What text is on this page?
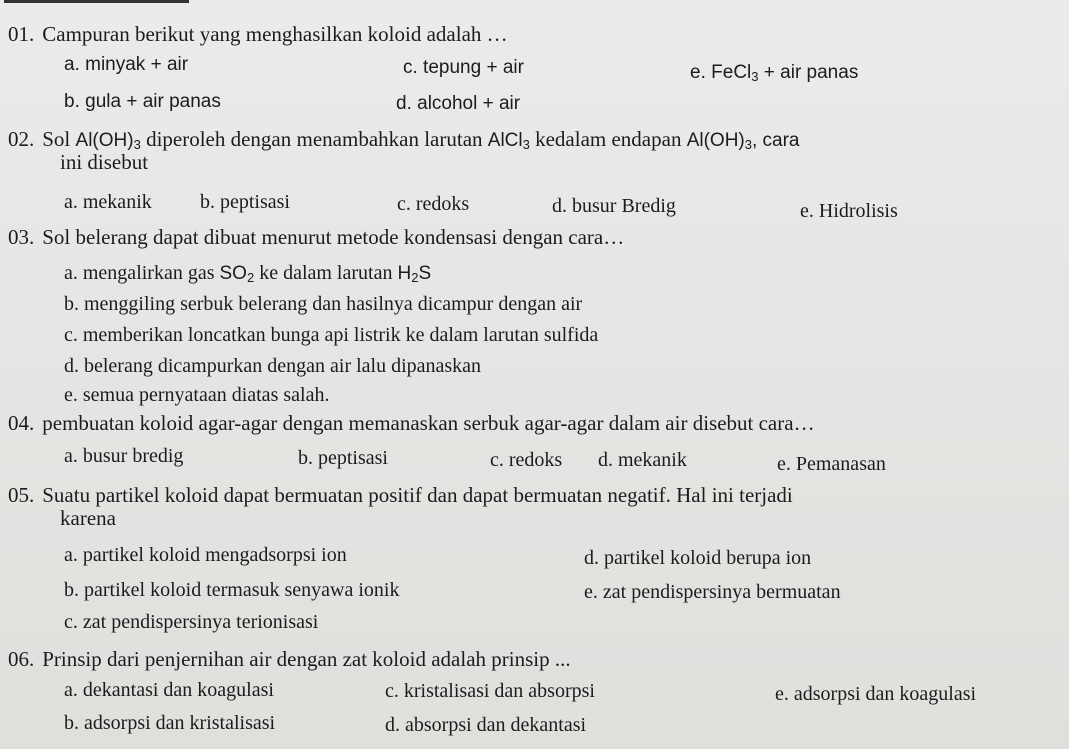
01. Campuran berikut yang menghasilkan koloid adalah …
a. minyak + air	c. tepung + air	e. FeCl$_3$ + air panas
b. gula + air panas	d. alcohol + air
02. Sol $Al(OH)_3$ diperoleh dengan menambahkan larutan AlCl$_3$ kedalam endapan $Al(OH)_3$, cara
ini disebut
a. mekanik b. peptisasi	c. redoks	d. busur Bredig	e. Hidrolisis
03. Sol belerang dapat dibuat menurut metode kondensasi dengan cara…
a. mengalirkan gas $SO_2$ ke dalam larutan $H_2S$
b. menggiling serbuk belerang dan hasilnya dicampur dengan air
c. memberikan loncatkan bunga api listrik ke dalam larutan sulfida
d. belerang dicampurkan dengan air lalu dipanaskan
e. semua pernyataan diatas salah.
04. pembuatan koloid agar-agar dengan memanaskan serbuk agar-agar dalam air disebut cara…
a. busur bredig	b. peptisasi	c. redoks d. mekanik	e. Pemanasan
05. Suatu partikel koloid dapat bermuatan positif dan dapat bermuatan negatif. Hal ini terjadi
karena
a. partikel koloid mengadsorpsi ion	d. partikel koloid berupa ion
b. partikel koloid termasuk senyawa ionik	e. zat pendispersinya bermuatan
c. zat pendispersinya terionisasi
06. Prinsip dari penjernihan air dengan zat koloid adalah prinsip ...
a. dekantasi dan koagulasi	c. kristalisasi dan absorpsi	e. adsorpsi dan koagulasi
b. adsorpsi dan kristalisasi	d. absorpsi dan dekantasi
